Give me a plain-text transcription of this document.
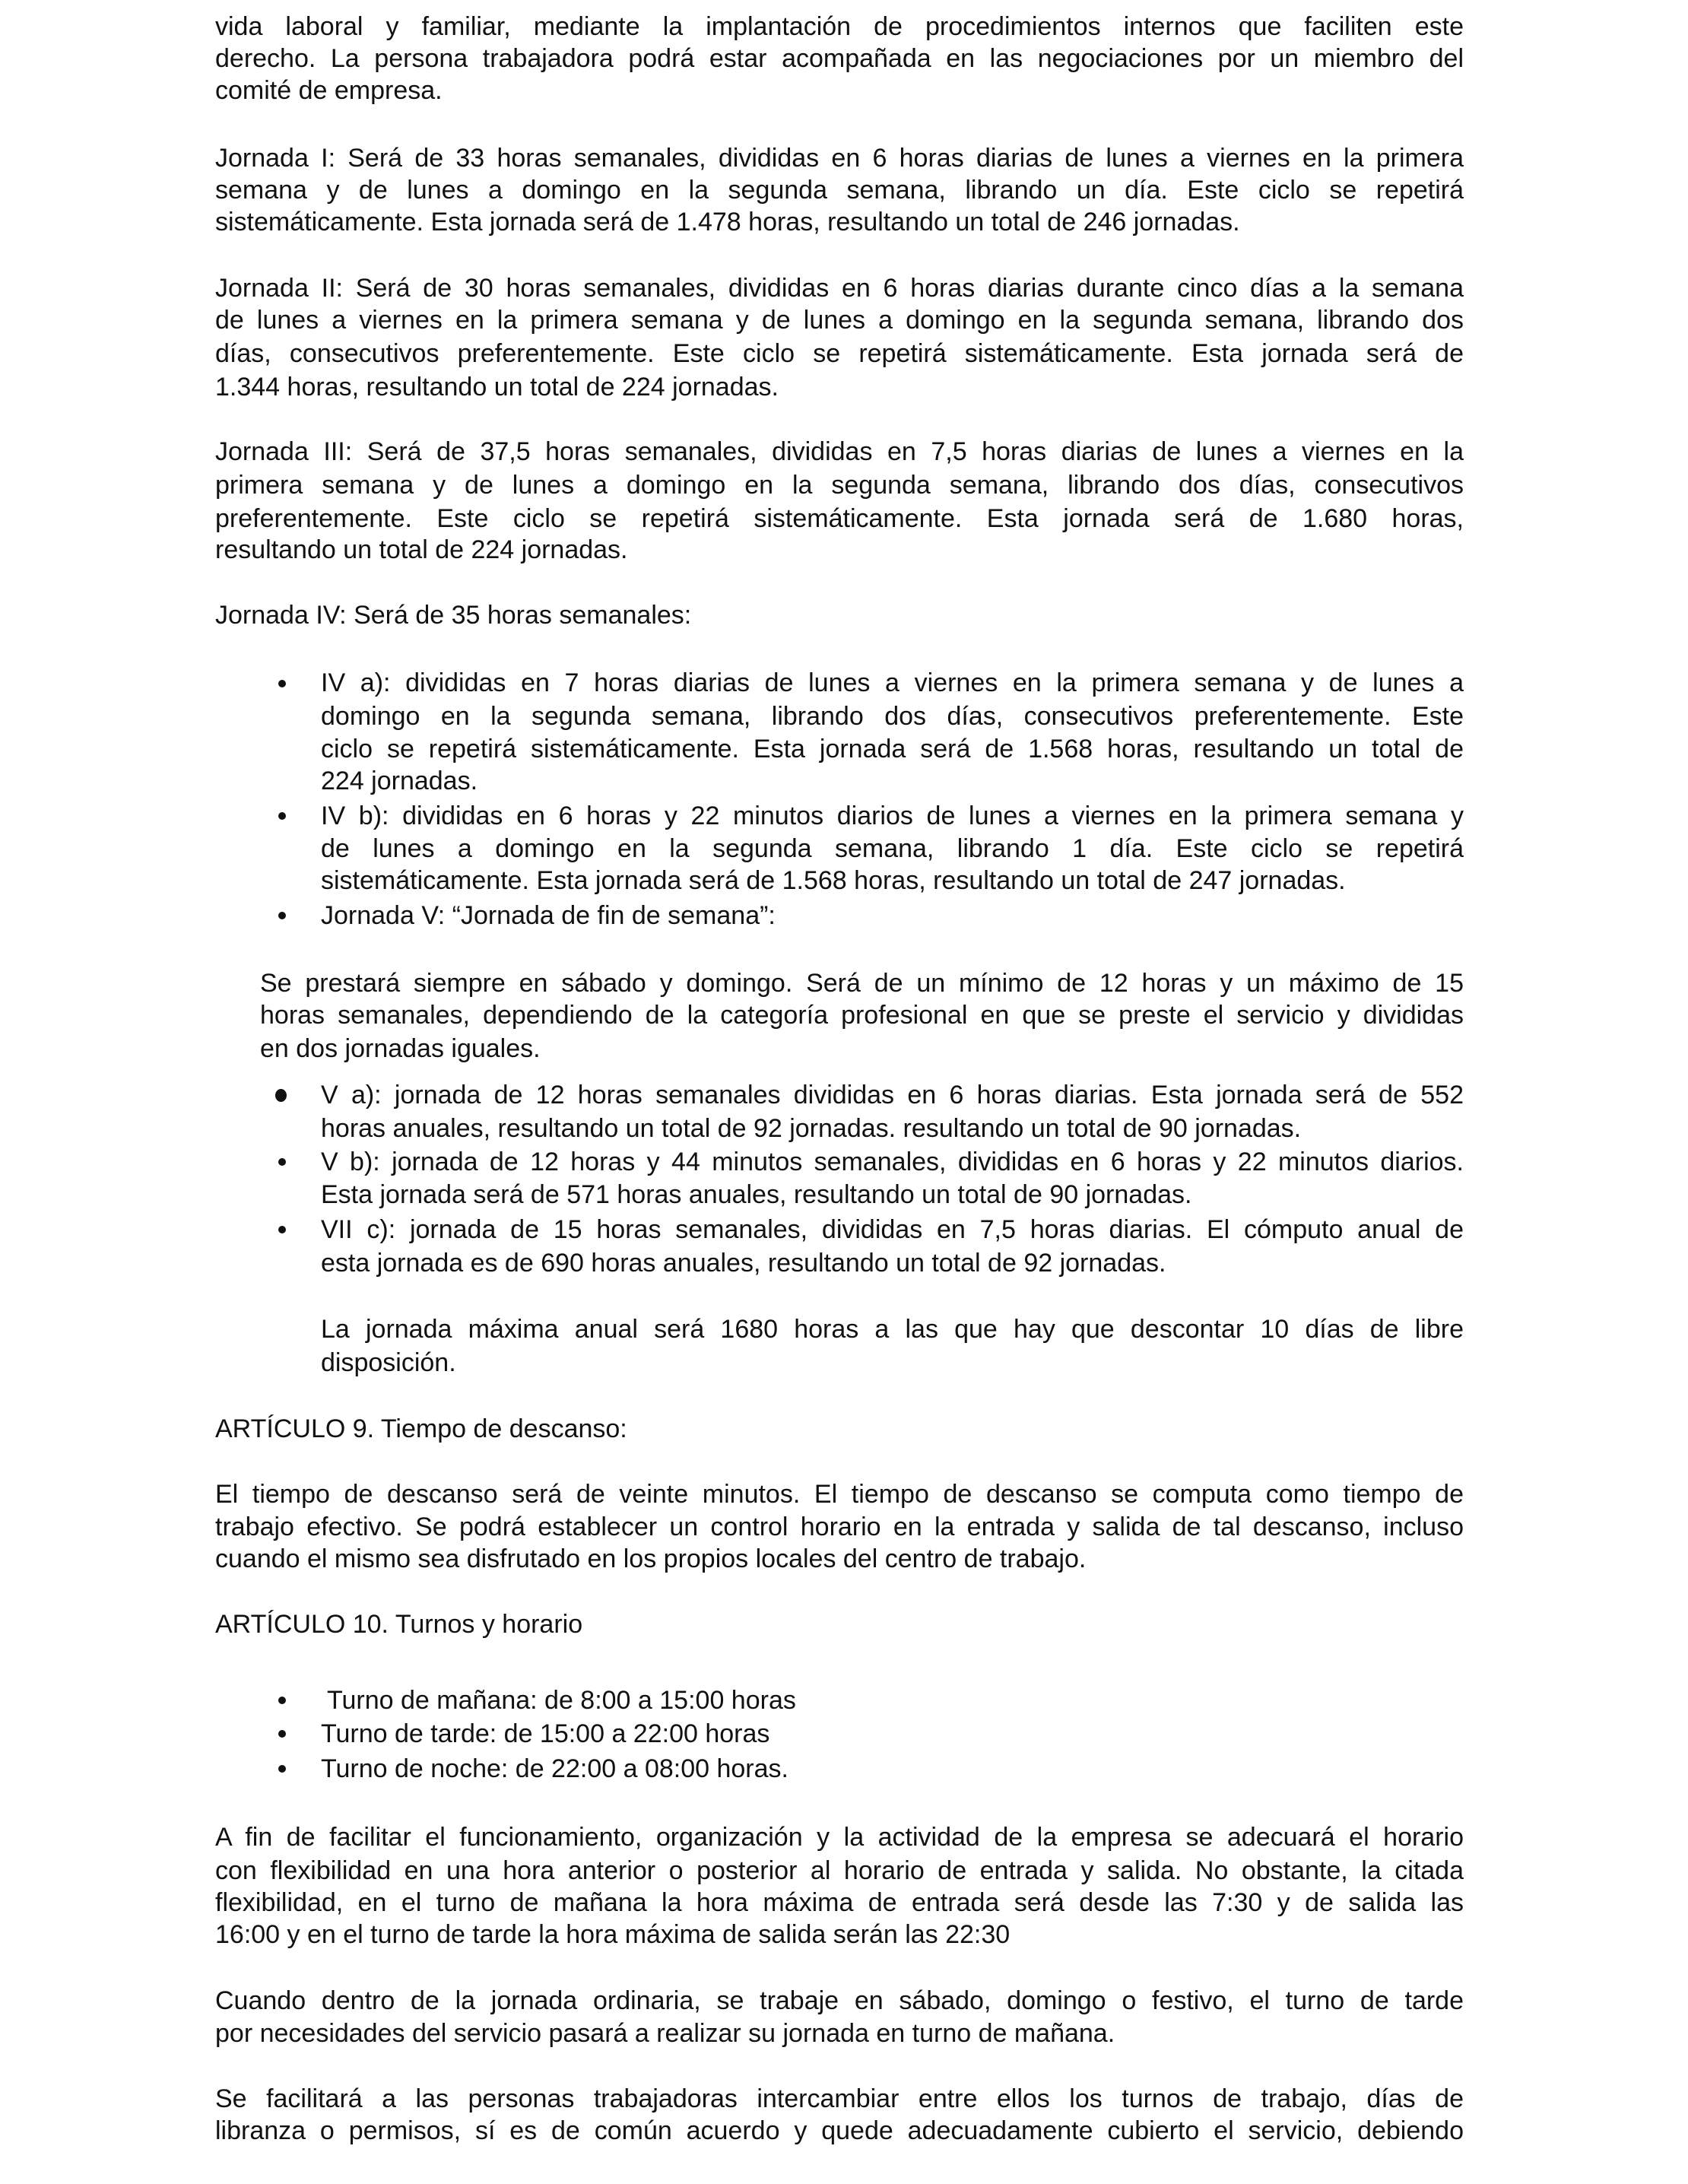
vida laboral y familiar, mediante la implantación de procedimientos internos que faciliten este
derecho. La persona trabajadora podrá estar acompañada en las negociaciones por un miembro del
comité de empresa.
Jornada I: Será de 33 horas semanales, divididas en 6 horas diarias de lunes a viernes en la primera
semana y de lunes a domingo en la segunda semana, librando un día. Este ciclo se repetirá
sistemáticamente. Esta jornada será de 1.478 horas, resultando un total de 246 jornadas.
Jornada II: Será de 30 horas semanales, divididas en 6 horas diarias durante cinco días a la semana
de lunes a viernes en la primera semana y de lunes a domingo en la segunda semana, librando dos
días, consecutivos preferentemente. Este ciclo se repetirá sistemáticamente. Esta jornada será de
1.344 horas, resultando un total de 224 jornadas.
Jornada III: Será de 37,5 horas semanales, divididas en 7,5 horas diarias de lunes a viernes en la
primera semana y de lunes a domingo en la segunda semana, librando dos días, consecutivos
preferentemente. Este ciclo se repetirá sistemáticamente. Esta jornada será de 1.680 horas,
resultando un total de 224 jornadas.
Jornada IV: Será de 35 horas semanales:
IV a): divididas en 7 horas diarias de lunes a viernes en la primera semana y de lunes a
domingo en la segunda semana, librando dos días, consecutivos preferentemente. Este
ciclo se repetirá sistemáticamente. Esta jornada será de 1.568 horas, resultando un total de
224 jornadas.
IV b): divididas en 6 horas y 22 minutos diarios de lunes a viernes en la primera semana y
de lunes a domingo en la segunda semana, librando 1 día. Este ciclo se repetirá
sistemáticamente. Esta jornada será de 1.568 horas, resultando un total de 247 jornadas.
Jornada V: “Jornada de fin de semana”:
Se prestará siempre en sábado y domingo. Será de un mínimo de 12 horas y un máximo de 15
horas semanales, dependiendo de la categoría profesional en que se preste el servicio y divididas
en dos jornadas iguales.
V a): jornada de 12 horas semanales divididas en 6 horas diarias. Esta jornada será de 552
horas anuales, resultando un total de 92 jornadas. resultando un total de 90 jornadas.
V b): jornada de 12 horas y 44 minutos semanales, divididas en 6 horas y 22 minutos diarios.
Esta jornada será de 571 horas anuales, resultando un total de 90 jornadas.
VII c): jornada de 15 horas semanales, divididas en 7,5 horas diarias. El cómputo anual de
esta jornada es de 690 horas anuales, resultando un total de 92 jornadas.
La jornada máxima anual será 1680 horas a las que hay que descontar 10 días de libre
disposición.
ARTÍCULO 9. Tiempo de descanso:
El tiempo de descanso será de veinte minutos. El tiempo de descanso se computa como tiempo de
trabajo efectivo. Se podrá establecer un control horario en la entrada y salida de tal descanso, incluso
cuando el mismo sea disfrutado en los propios locales del centro de trabajo.
ARTÍCULO 10. Turnos y horario
Turno de mañana: de 8:00 a 15:00 horas
Turno de tarde: de 15:00 a 22:00 horas
Turno de noche: de 22:00 a 08:00 horas.
A fin de facilitar el funcionamiento, organización y la actividad de la empresa se adecuará el horario
con flexibilidad en una hora anterior o posterior al horario de entrada y salida. No obstante, la citada
flexibilidad, en el turno de mañana la hora máxima de entrada será desde las 7:30 y de salida las
16:00 y en el turno de tarde la hora máxima de salida serán las 22:30
Cuando dentro de la jornada ordinaria, se trabaje en sábado, domingo o festivo, el turno de tarde
por necesidades del servicio pasará a realizar su jornada en turno de mañana.
Se facilitará a las personas trabajadoras intercambiar entre ellos los turnos de trabajo, días de
libranza o permisos, sí es de común acuerdo y quede adecuadamente cubierto el servicio, debiendo
